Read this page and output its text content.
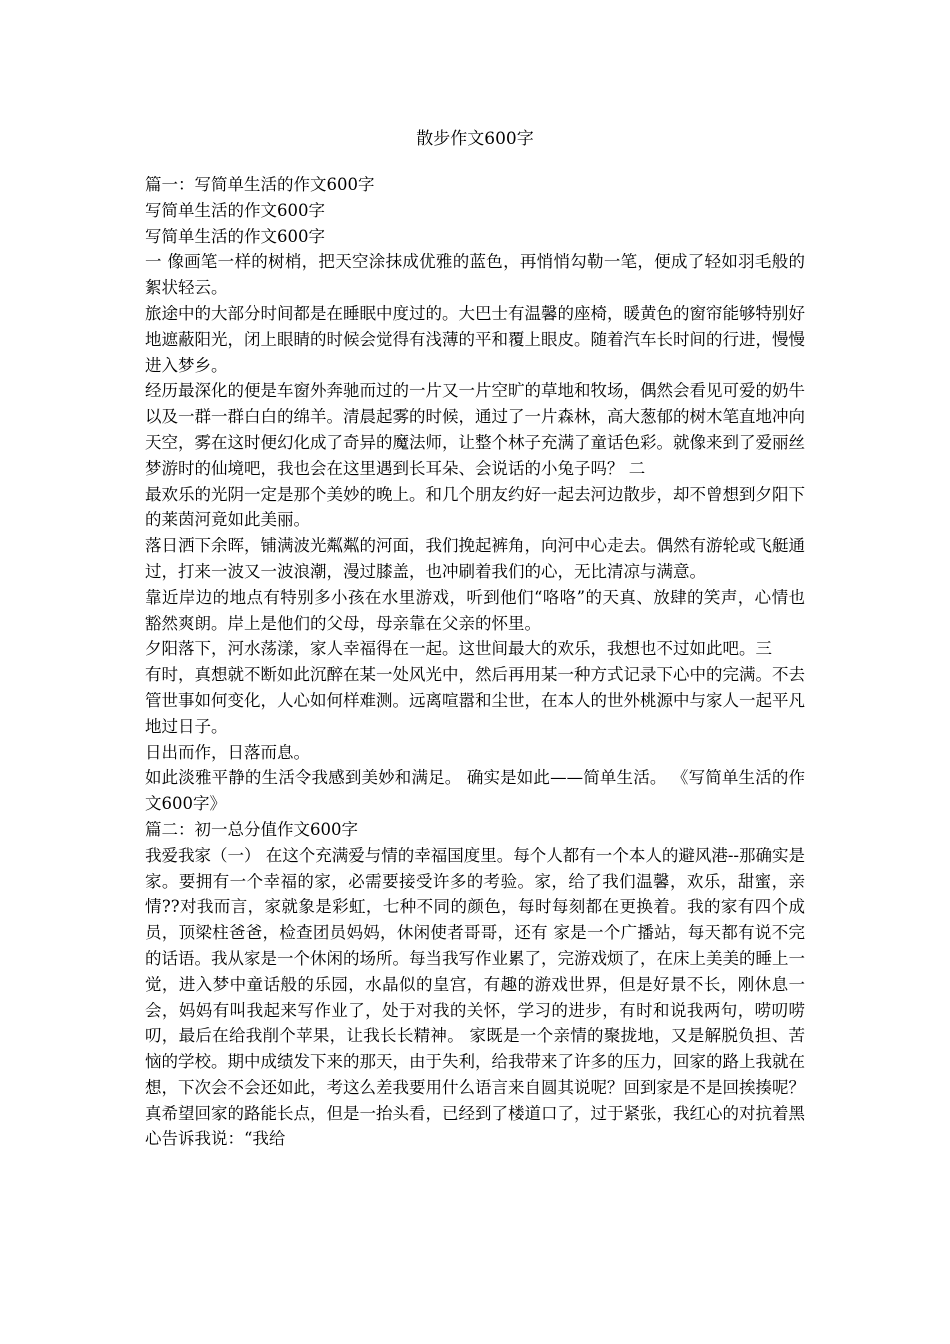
散步作文600字

篇一：写简单生活的作文600字

写简单生活的作文600字

写简单生活的作文600字

一 像画笔一样的树梢，把天空涂抹成优雅的蓝色，再悄悄勾勒一笔，便成了轻如羽毛般的絮状轻云。

旅途中的大部分时间都是在睡眠中度过的。大巴士有温馨的座椅，暖黄色的窗帘能够特别好地遮蔽阳光，闭上眼睛的时候会觉得有浅薄的平和覆上眼皮。随着汽车长时间的行进，慢慢进入梦乡。

经历最深化的便是车窗外奔驰而过的一片又一片空旷的草地和牧场，偶然会看见可爱的奶牛以及一群一群白白的绵羊。清晨起雾的时候，通过了一片森林，高大葱郁的树木笔直地冲向天空，雾在这时便幻化成了奇异的魔法师，让整个林子充满了童话色彩。就像来到了爱丽丝梦游时的仙境吧，我也会在这里遇到长耳朵、会说话的小兔子吗？ 二

最欢乐的光阴一定是那个美妙的晚上。和几个朋友约好一起去河边散步，却不曾想到夕阳下的莱茵河竟如此美丽。

落日洒下余晖，铺满波光粼粼的河面，我们挽起裤角，向河中心走去。偶然有游轮或飞艇通过，打来一波又一波浪潮，漫过膝盖，也冲刷着我们的心，无比清凉与满意。

靠近岸边的地点有特别多小孩在水里游戏，听到他们“咯咯”的天真、放肆的笑声，心情也豁然爽朗。岸上是他们的父母，母亲靠在父亲的怀里。

夕阳落下，河水荡漾，家人幸福得在一起。这世间最大的欢乐，我想也不过如此吧。三

有时，真想就不断如此沉醉在某一处风光中，然后再用某一种方式记录下心中的完满。不去管世事如何变化，人心如何样难测。远离喧嚣和尘世，在本人的世外桃源中与家人一起平凡地过日子。

日出而作，日落而息。

如此淡雅平静的生活令我感到美妙和满足。 确实是如此——简单生活。 《写简单生活的作文600字》

篇二：初一总分值作文600字

我爱我家（一） 在这个充满爱与情的幸福国度里。每个人都有一个本人的避风港--那确实是家。要拥有一个幸福的家，必需要接受许多的考验。家，给了我们温馨，欢乐，甜蜜，亲情??对我而言，家就象是彩虹，七种不同的颜色，每时每刻都在更换着。我的家有四个成员，顶梁柱爸爸，检查团员妈妈，休闲使者哥哥，还有 家是一个广播站，每天都有说不完的话语。我从家是一个休闲的场所。每当我写作业累了，完游戏烦了，在床上美美的睡上一觉，进入梦中童话般的乐园，水晶似的皇宫，有趣的游戏世界，但是好景不长，刚休息一会，妈妈有叫我起来写作业了，处于对我的关怀，学习的进步，有时和说我两句，唠叨唠叨，最后在给我削个苹果，让我长长精神。 家既是一个亲情的聚拢地，又是解脱负担、苦恼的学校。期中成绩发下来的那天，由于失利，给我带来了许多的压力，回家的路上我就在想，下次会不会还如此，考这么差我要用什么语言来自圆其说呢？回到家是不是回挨揍呢？真希望回家的路能长点，但是一抬头看，已经到了楼道口了，过于紧张，我红心的对抗着黑心告诉我说：“我给
